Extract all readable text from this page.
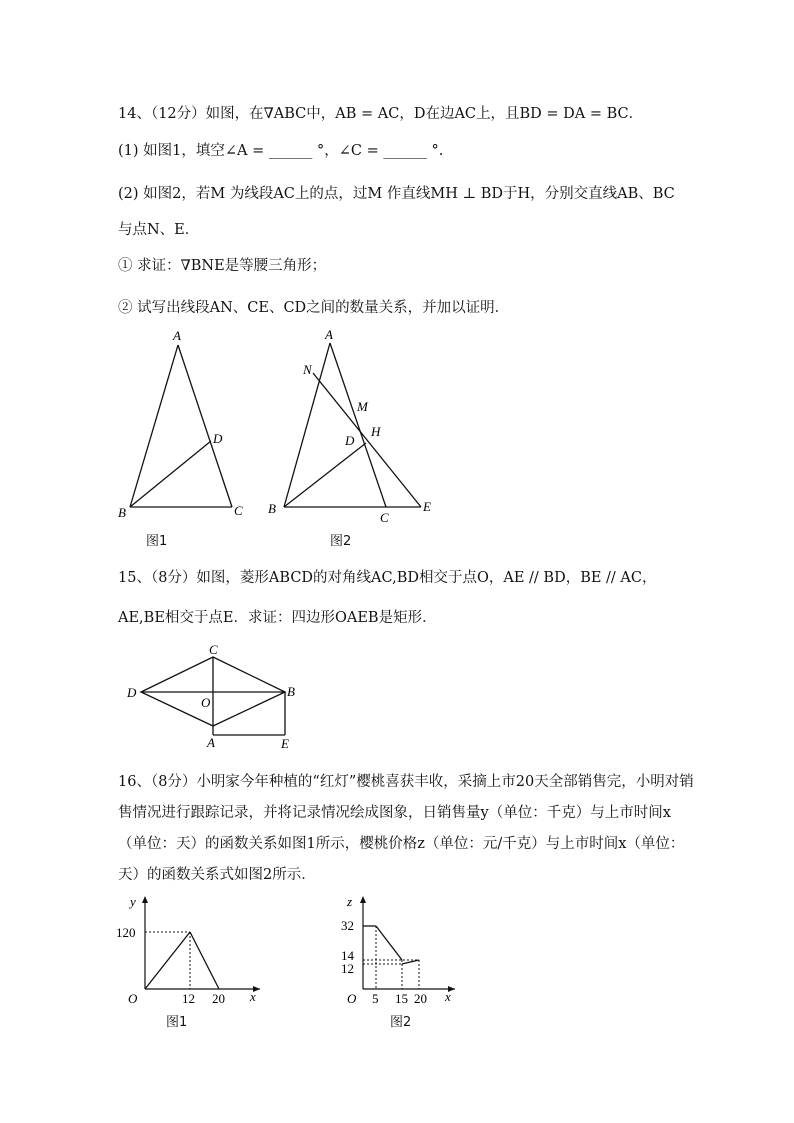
14、（12分）如图，在∇ABC中，AB = AC，D在边AC上，且BD = DA = BC．
(1) 如图1，填空∠A = ______ °，∠C = ______ °.
(2) 如图2，若M 为线段AC上的点，过M 作直线MH ⊥ BD于H，分别交直线AB、BC
与点N、E．
① 求证：∇BNE是等腰三角形；
② 试写出线段AN、CE、CD之间的数量关系，并加以证明．
A
B	C
D
图1
A
N
M
H
D
B
C
E
图2
15、（8分）如图，菱形ABCD的对角线AC,BD相交于点O，AE // BD，BE // AC，
AE,BE相交于点E．求证：四边形OAEB是矩形．
C
D
O
B
A	E
16、（8分）小明家今年种植的“红灯”樱桃喜获丰收，采摘上市20天全部销售完，小明对销
售情况进行跟踪记录，并将记录情况绘成图象，日销售量y（单位：千克）与上市时间x
（单位：天）的函数关系如图1所示，樱桃价格z（单位：元/千克）与上市时间x（单位：
天）的函数关系式如图2所示．
y
120
O	12 20 x
图1
z
32
14
12
O 5 15 20 x
图2
